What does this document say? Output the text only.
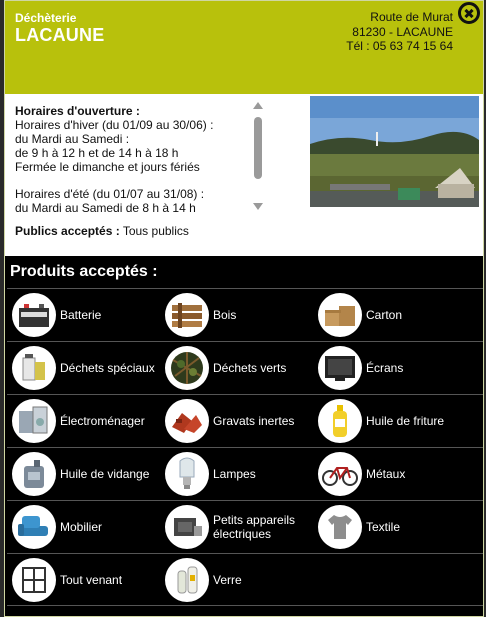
Déchèterie
LACAUNE
Route de Murat
81230 - LACAUNE
Tél : 05 63 74 15 64

Horaires d'ouverture :

Horaires d'hiver (du 01/09 au 30/06) :

du Mardi au Samedi :

de 9 h à 12 h et de 14 h à 18 h

Fermée le dimanche et jours fériés

Horaires d'été (du 01/07 au 31/08) :

du Mardi au Samedi de 8 h à 14 h

Publics acceptés : Tous publics
Produits acceptés :
Batterie	Bois	Carton
Déchets spéciaux	Déchets verts	Écrans
Électroménager	Gravats inertes	Huile de friture
Huile de vidange	Lampes	Métaux
Mobilier	Petits appareils électriques	Textile
Tout venant	Verre
